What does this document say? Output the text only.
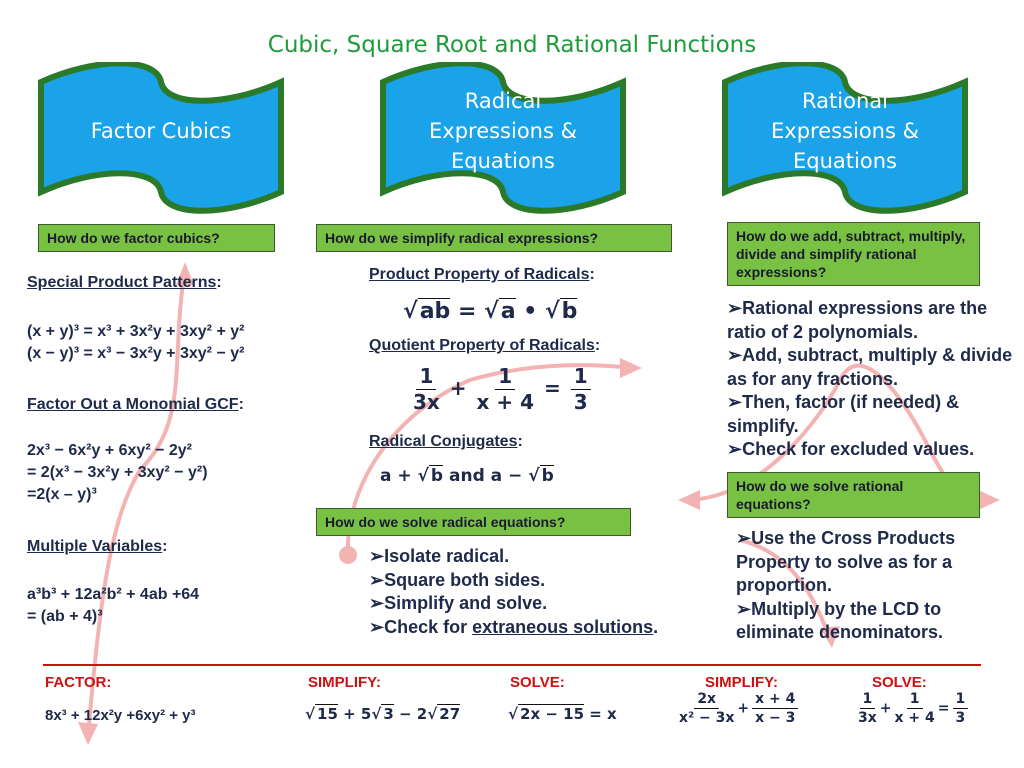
Cubic, Square Root and Rational Functions
Factor Cubics
Radical Expressions & Equations
Rational Expressions & Equations
How do we factor cubics?	How do we simplify radical expressions?	How do we add, subtract, multiply, divide and simplify rational expressions?
How do we solve rational equations?
How do we solve radical equations?
Special Product Patterns:
(x + y)³ = x³ + 3x²y + 3xy² + y²
(x − y)³ = x³ − 3x²y + 3xy² − y²
Factor Out a Monomial GCF:
2x³ − 6x²y + 6xy² − 2y²
= 2(x³ − 3x²y + 3xy² − y²)
=2(x – y)³
Multiple Variables:
a³b³ + 12a²b² + 4ab +64
= (ab + 4)³
Product Property of Radicals:
√ab = √a • √b
Quotient Property of Radicals:
$\frac{1}{3x} + \frac{1}{x + 4} = \frac{1}{3}$
Radical Conjugates:
a + √ b and a − √ b
➢Isolate radical.
➢Square both sides.
➢Simplify and solve.
➢Check for extraneous solutions.
➢Rational expressions are the ratio of 2 polynomials.
➢Add, subtract, multiply & divide as for any fractions.
➢Then, factor (if needed) & simplify.
➢Check for excluded values.
➢Use the Cross Products Property to solve as for a proportion.
➢Multiply by the LCD to eliminate denominators.
FACTOR:	SIMPLIFY:	SOLVE:	SIMPLIFY:	SOLVE:
8x³ + 12x²y +6xy² + y³	√ 15 + 5√ 3 − 2√ 27	√ 2x − 15 = x	$\frac{2x}{\text{x² − 3x}} + \frac{x + 4}{x - 3}$	$\frac{1}{3x} + \frac{1}{x + 4} = \frac{1}{3}$
